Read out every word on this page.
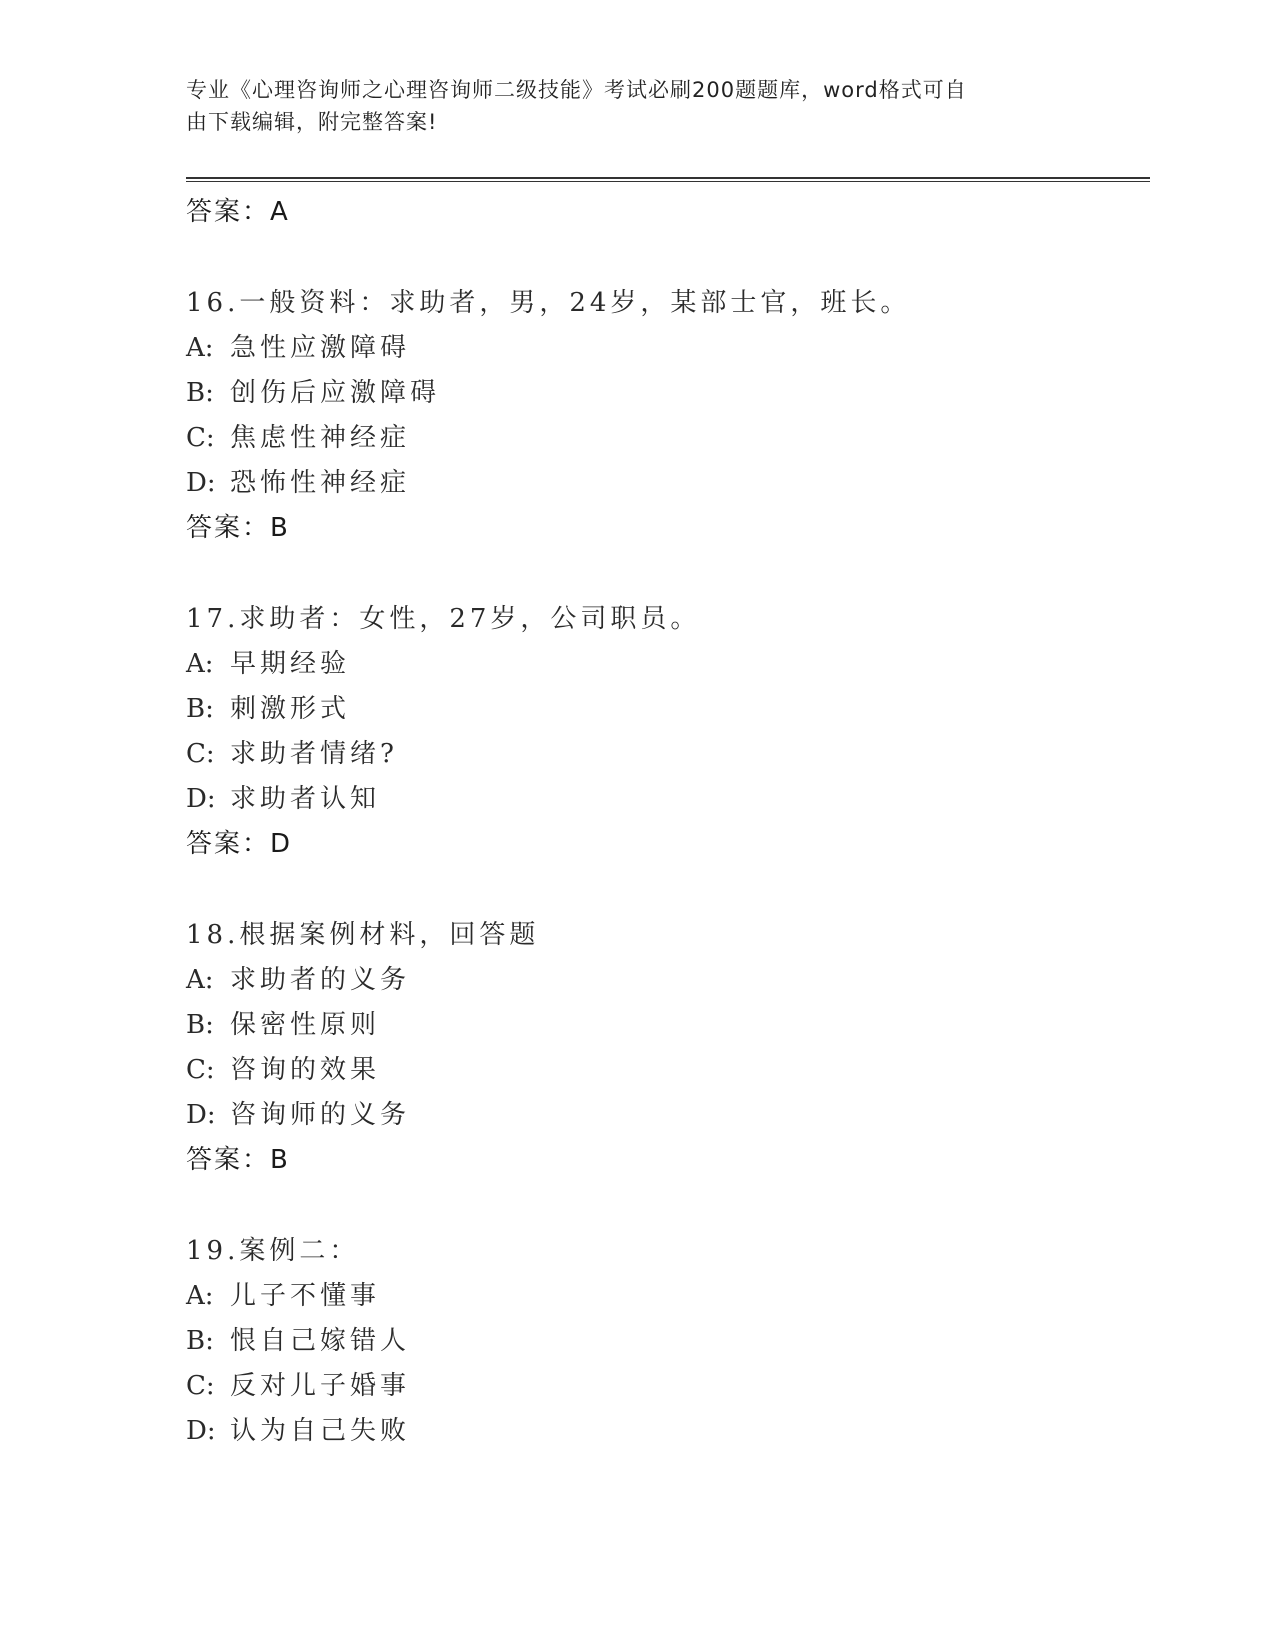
专业《心理咨询师之心理咨询师二级技能》考试必刷200题题库，word格式可自
由下载编辑，附完整答案!
答案：A
16.一般资料：求助者，男，24岁，某部士官，班长。
A: 急性应激障碍
B: 创伤后应激障碍
C: 焦虑性神经症
D: 恐怖性神经症
答案：B
17.求助者：女性，27岁，公司职员。
A: 早期经验
B: 刺激形式
C: 求助者情绪?
D: 求助者认知
答案：D
18.根据案例材料，回答题
A: 求助者的义务
B: 保密性原则
C: 咨询的效果
D: 咨询师的义务
答案：B
19.案例二：
A: 儿子不懂事
B: 恨自己嫁错人
C: 反对儿子婚事
D: 认为自己失败
